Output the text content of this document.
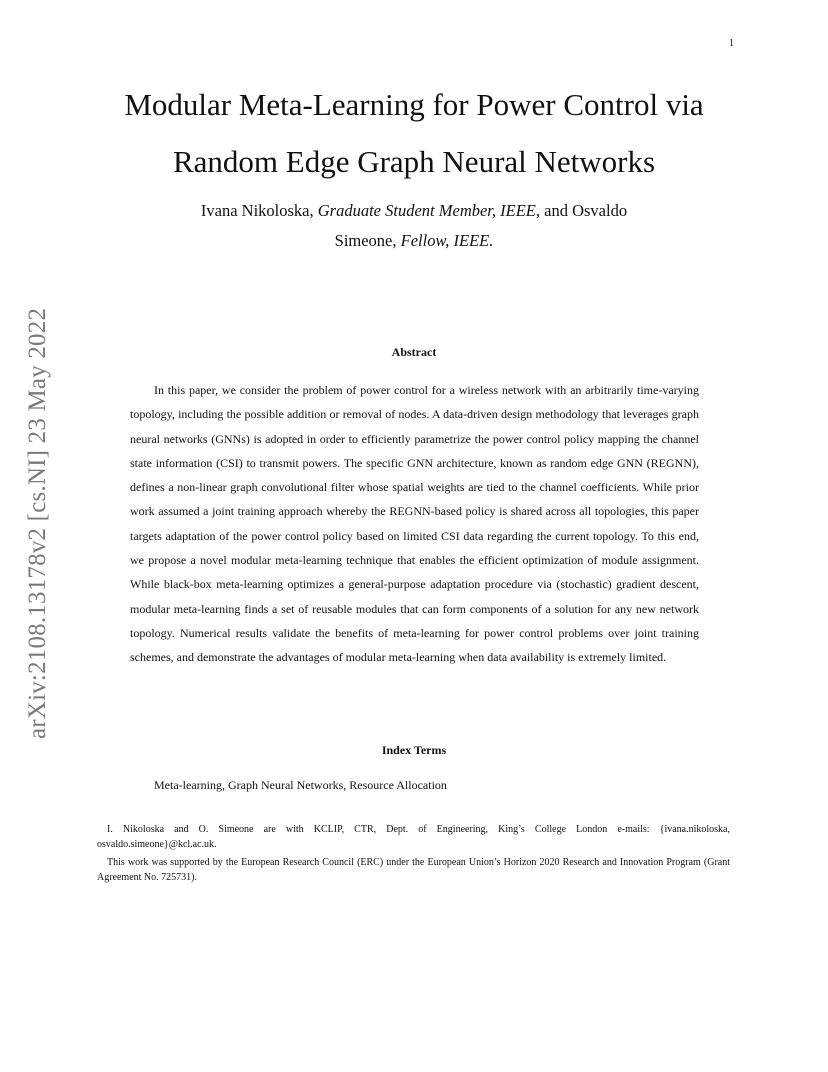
1
arXiv:2108.13178v2 [cs.NI] 23 May 2022
Modular Meta-Learning for Power Control via
Random Edge Graph Neural Networks
Ivana Nikoloska, Graduate Student Member, IEEE, and Osvaldo
Simeone, Fellow, IEEE.
Abstract

In this paper, we consider the problem of power control for a wireless network with an arbitrarily time-varying topology, including the possible addition or removal of nodes. A data-driven design methodology that leverages graph neural networks (GNNs) is adopted in order to efficiently parametrize the power control policy mapping the channel state information (CSI) to transmit powers. The specific GNN architecture, known as random edge GNN (REGNN), defines a non-linear graph convolutional filter whose spatial weights are tied to the channel coefficients. While prior work assumed a joint training approach whereby the REGNN-based policy is shared across all topologies, this paper targets adaptation of the power control policy based on limited CSI data regarding the current topology. To this end, we propose a novel modular meta-learning technique that enables the efficient optimization of module assignment. While black-box meta-learning optimizes a general-purpose adaptation procedure via (stochastic) gradient descent, modular meta-learning finds a set of reusable modules that can form components of a solution for any new network topology. Numerical results validate the benefits of meta-learning for power control problems over joint training schemes, and demonstrate the advantages of modular meta-learning when data availability is extremely limited.

Index Terms

Meta-learning, Graph Neural Networks, Resource Allocation

I. Nikoloska and O. Simeone are with KCLIP, CTR, Dept. of Engineering, King’s College London e-mails: {ivana.nikoloska, osvaldo.simeone}@kcl.ac.uk.

This work was supported by the European Research Council (ERC) under the European Union’s Horizon 2020 Research and Innovation Program (Grant Agreement No. 725731).
